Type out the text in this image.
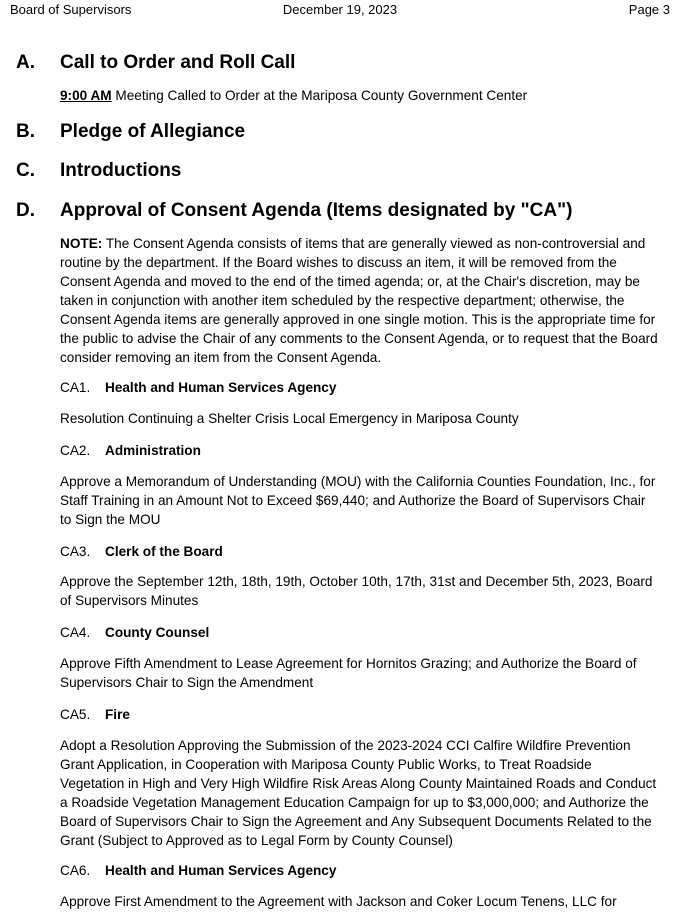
Board of Supervisors	December 19, 2023	Page 3
A. Call to Order and Roll Call
9:00 AM Meeting Called to Order at the Mariposa County Government Center
B. Pledge of Allegiance
C. Introductions
D. Approval of Consent Agenda (Items designated by "CA")
NOTE: The Consent Agenda consists of items that are generally viewed as non-controversial and routine by the department. If the Board wishes to discuss an item, it will be removed from the Consent Agenda and moved to the end of the timed agenda; or, at the Chair's discretion, may be taken in conjunction with another item scheduled by the respective department; otherwise, the Consent Agenda items are generally approved in one single motion. This is the appropriate time for the public to advise the Chair of any comments to the Consent Agenda, or to request that the Board consider removing an item from the Consent Agenda.
CA1. Health and Human Services Agency
Resolution Continuing a Shelter Crisis Local Emergency in Mariposa County
CA2. Administration
Approve a Memorandum of Understanding (MOU) with the California Counties Foundation, Inc., for Staff Training in an Amount Not to Exceed $69,440; and Authorize the Board of Supervisors Chair to Sign the MOU
CA3. Clerk of the Board
Approve the September 12th, 18th, 19th, October 10th, 17th, 31st and December 5th, 2023, Board of Supervisors Minutes
CA4. County Counsel
Approve Fifth Amendment to Lease Agreement for Hornitos Grazing; and Authorize the Board of Supervisors Chair to Sign the Amendment
CA5. Fire
Adopt a Resolution Approving the Submission of the 2023-2024 CCI Calfire Wildfire Prevention Grant Application, in Cooperation with Mariposa County Public Works, to Treat Roadside Vegetation in High and Very High Wildfire Risk Areas Along County Maintained Roads and Conduct a Roadside Vegetation Management Education Campaign for up to $3,000,000; and Authorize the Board of Supervisors Chair to Sign the Agreement and Any Subsequent Documents Related to the Grant (Subject to Approved as to Legal Form by County Counsel)
CA6. Health and Human Services Agency
Approve First Amendment to the Agreement with Jackson and Coker Locum Tenens, LLC for
